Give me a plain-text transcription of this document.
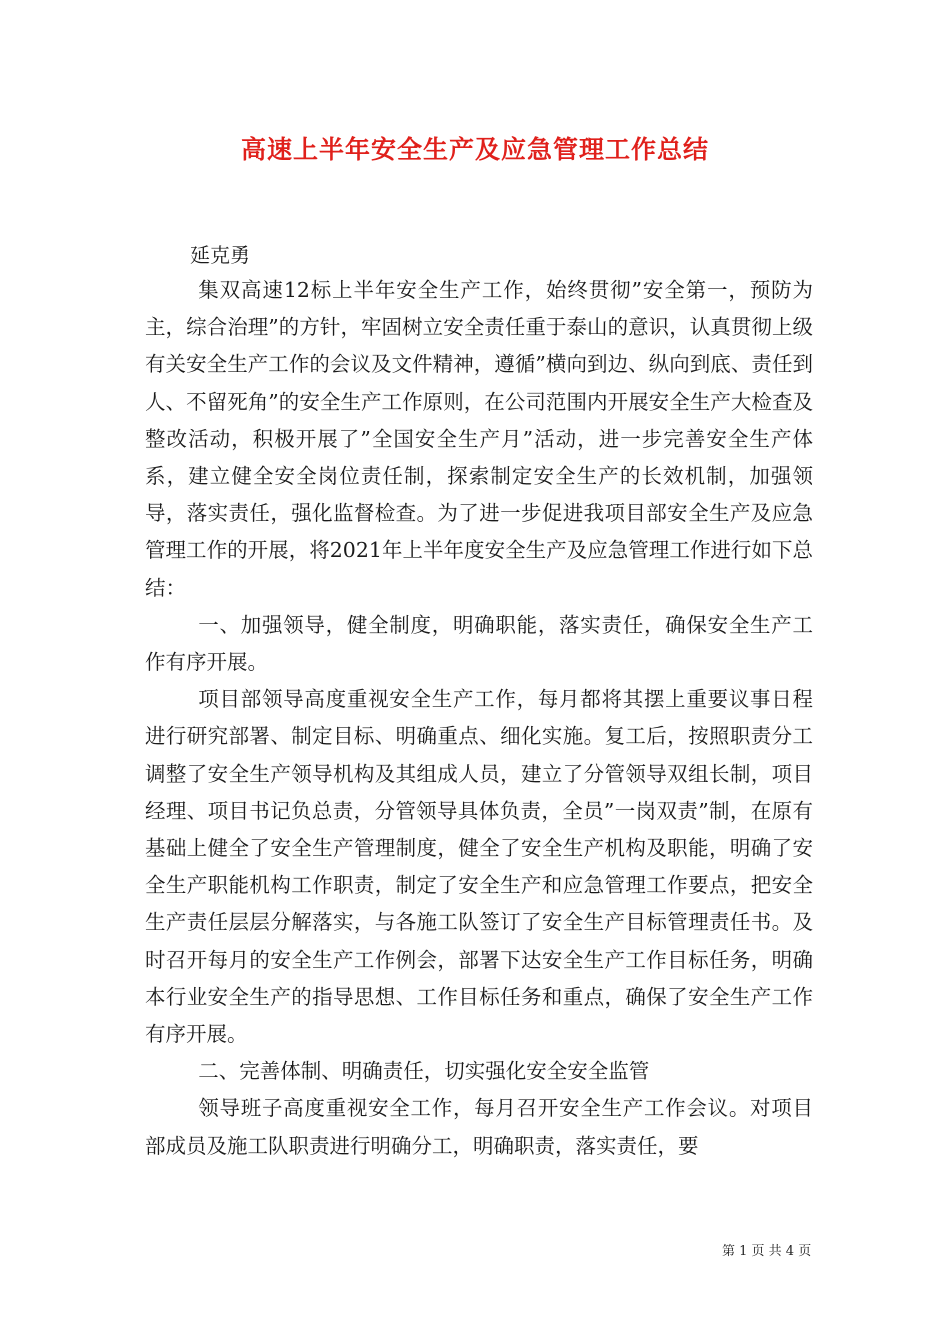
高速上半年安全生产及应急管理工作总结
延克勇

集双高速12标上半年安全生产工作，始终贯彻”安全第一，预防为主，综合治理”的方针，牢固树立安全责任重于泰山的意识，认真贯彻上级有关安全生产工作的会议及文件精神，遵循”横向到边、纵向到底、责任到人、不留死角”的安全生产工作原则，在公司范围内开展安全生产大检查及整改活动，积极开展了”全国安全生产月”活动，进一步完善安全生产体系，建立健全安全岗位责任制，探索制定安全生产的长效机制，加强领导，落实责任，强化监督检查。为了进一步促进我项目部安全生产及应急管理工作的开展，将2021年上半年度安全生产及应急管理工作进行如下总结：

一、加强领导，健全制度，明确职能，落实责任，确保安全生产工作有序开展。

项目部领导高度重视安全生产工作，每月都将其摆上重要议事日程进行研究部署、制定目标、明确重点、细化实施。复工后，按照职责分工调整了安全生产领导机构及其组成人员，建立了分管领导双组长制，项目经理、项目书记负总责，分管领导具体负责，全员”一岗双责”制，在原有基础上健全了安全生产管理制度，健全了安全生产机构及职能，明确了安全生产职能机构工作职责，制定了安全生产和应急管理工作要点，把安全生产责任层层分解落实，与各施工队签订了安全生产目标管理责任书。及时召开每月的安全生产工作例会，部署下达安全生产工作目标任务，明确本行业安全生产的指导思想、工作目标任务和重点，确保了安全生产工作有序开展。

二、完善体制、明确责任，切实强化安全安全监管

领导班子高度重视安全工作，每月召开安全生产工作会议。对项目部成员及施工队职责进行明确分工，明确职责，落实责任，要

第 1 页 共 4 页
